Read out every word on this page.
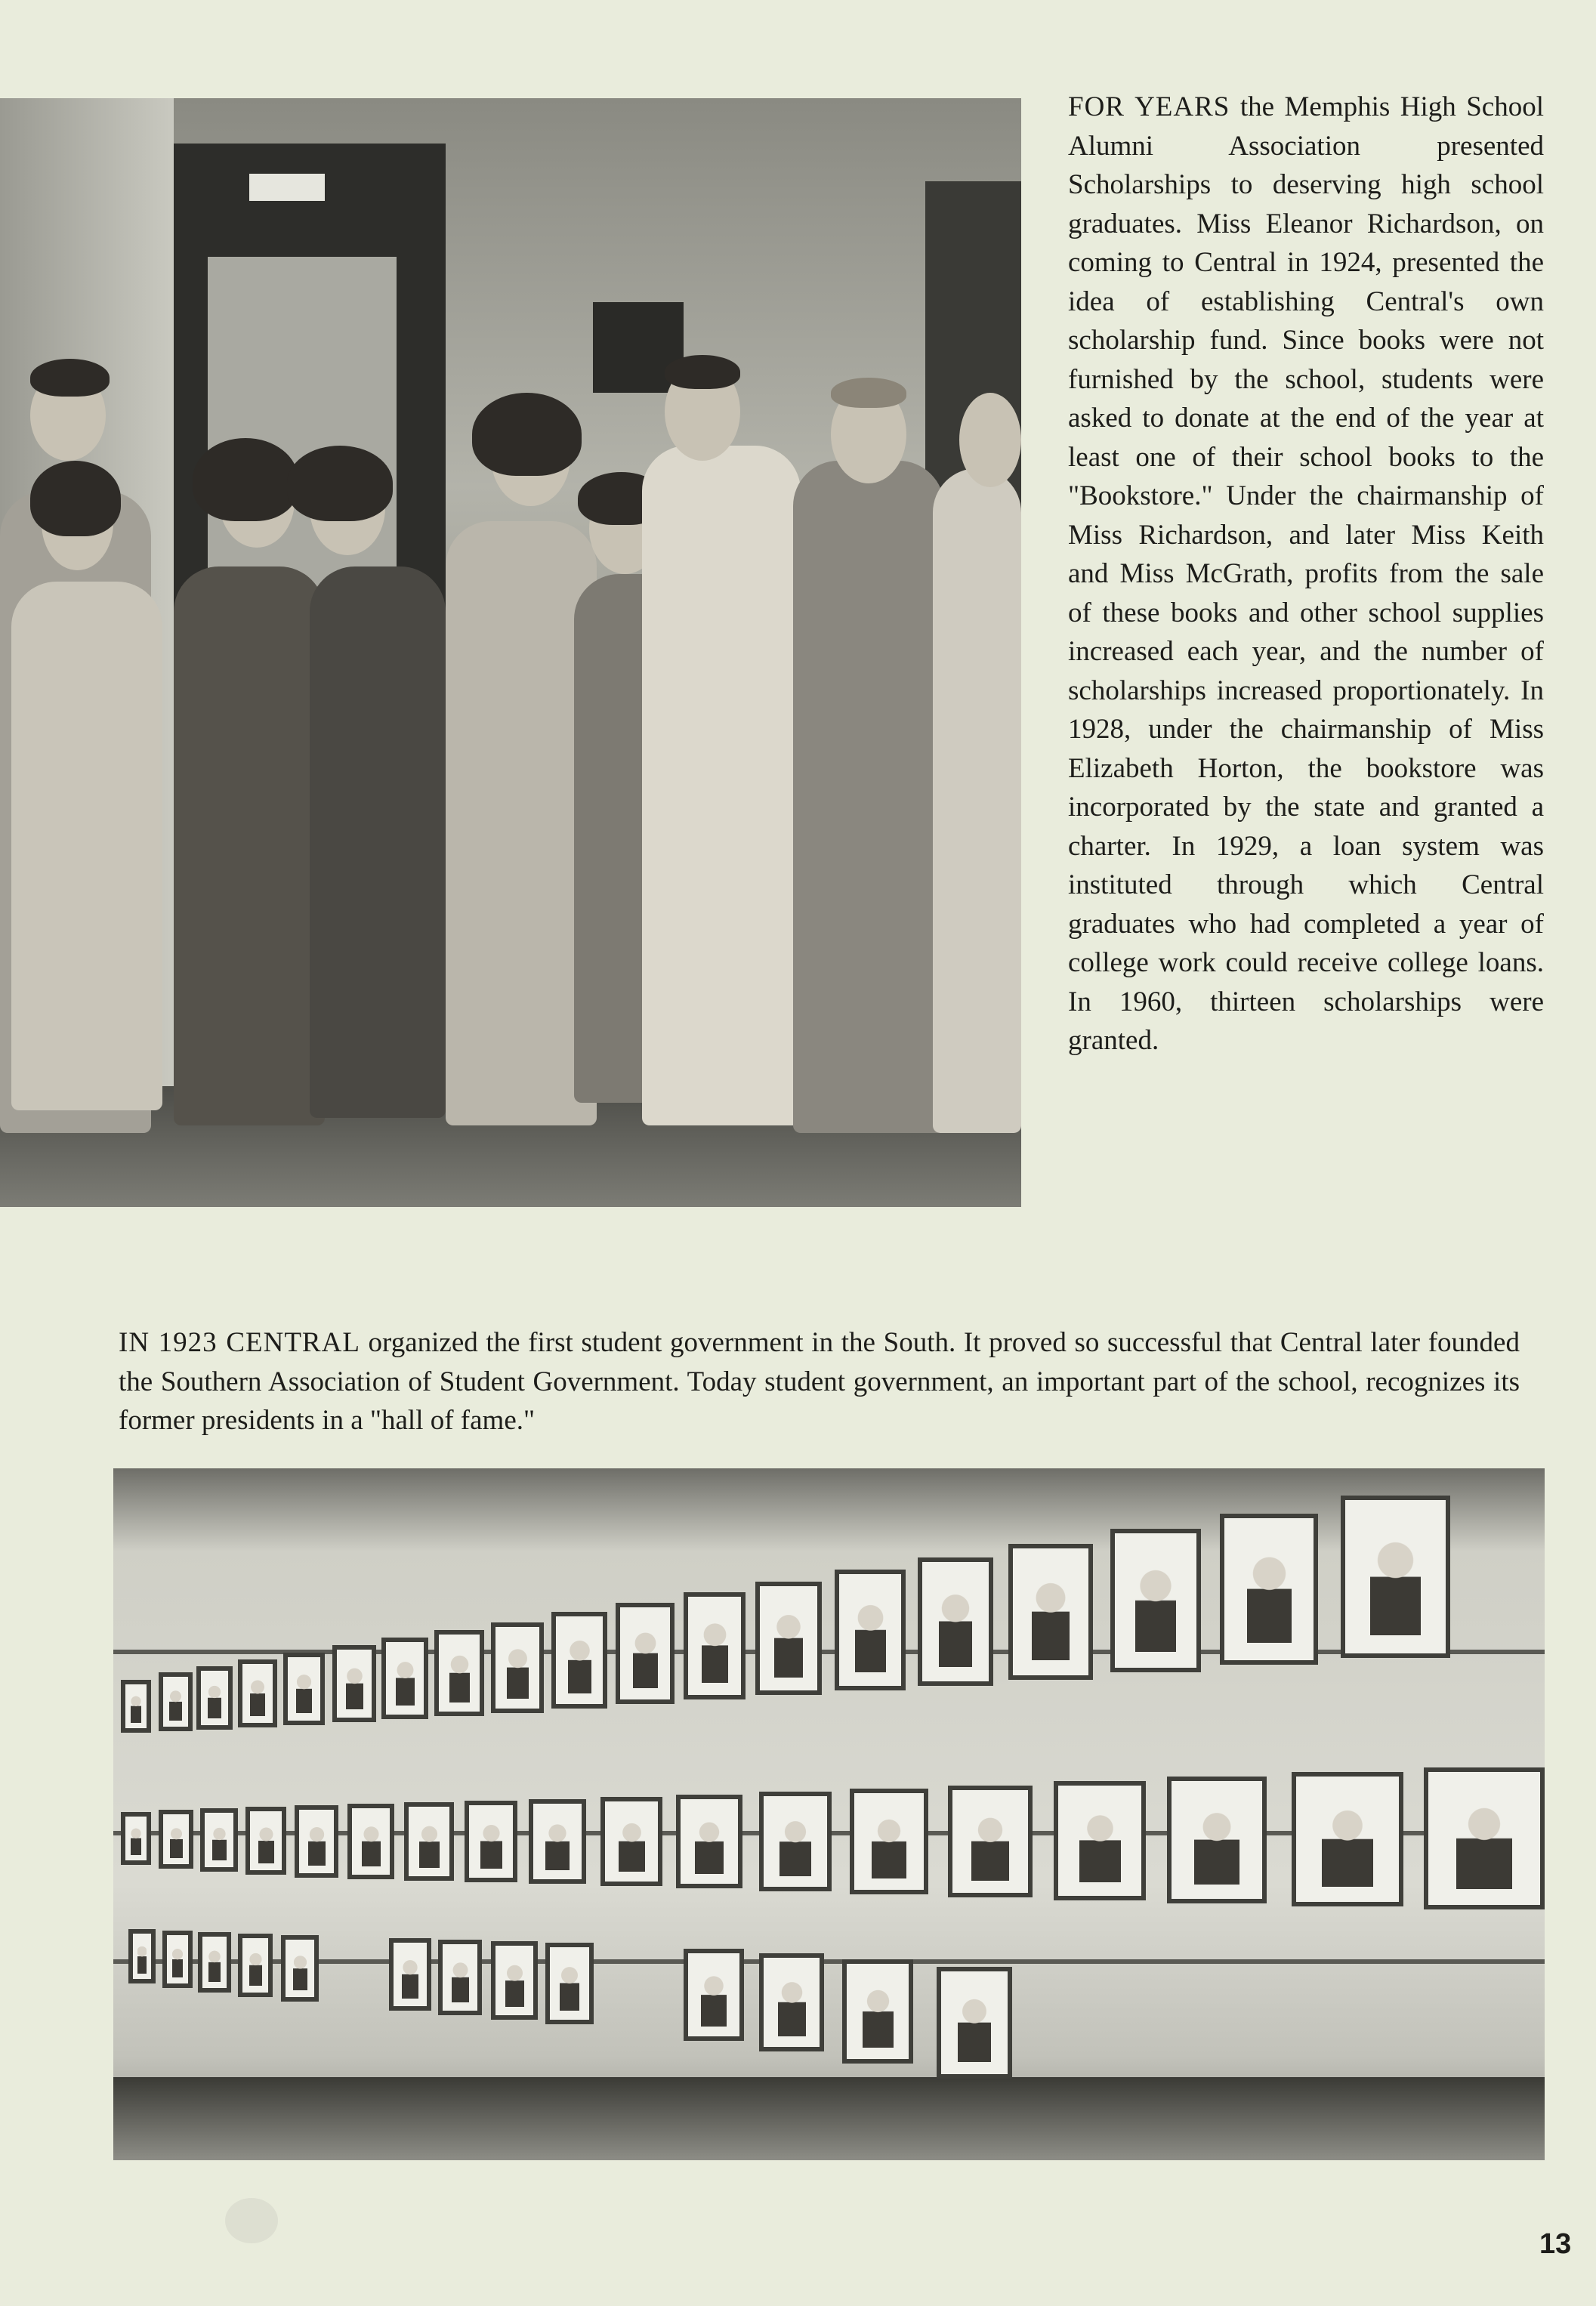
FOR YEARS the Memphis High School Alumni Association presented Scholarships to deserving high school graduates. Miss Eleanor Richardson, on coming to Central in 1924, presented the idea of establishing Central's own scholarship fund. Since books were not furnished by the school, students were asked to donate at the end of the year at least one of their school books to the "Bookstore." Under the chairmanship of Miss Richardson, and later Miss Keith and Miss McGrath, profits from the sale of these books and other school supplies increased each year, and the number of scholarships increased proportionately. In 1928, under the chairmanship of Miss Elizabeth Horton, the bookstore was incorporated by the state and granted a charter. In 1929, a loan system was instituted through which Central graduates who had completed a year of college work could receive college loans. In 1960, thirteen scholarships were granted.
IN 1923 CENTRAL organized the first student government in the South. It proved so successful that Central later founded the Southern Association of Student Government. Today student government, an important part of the school, recognizes its former presidents in a "hall of fame."
13
